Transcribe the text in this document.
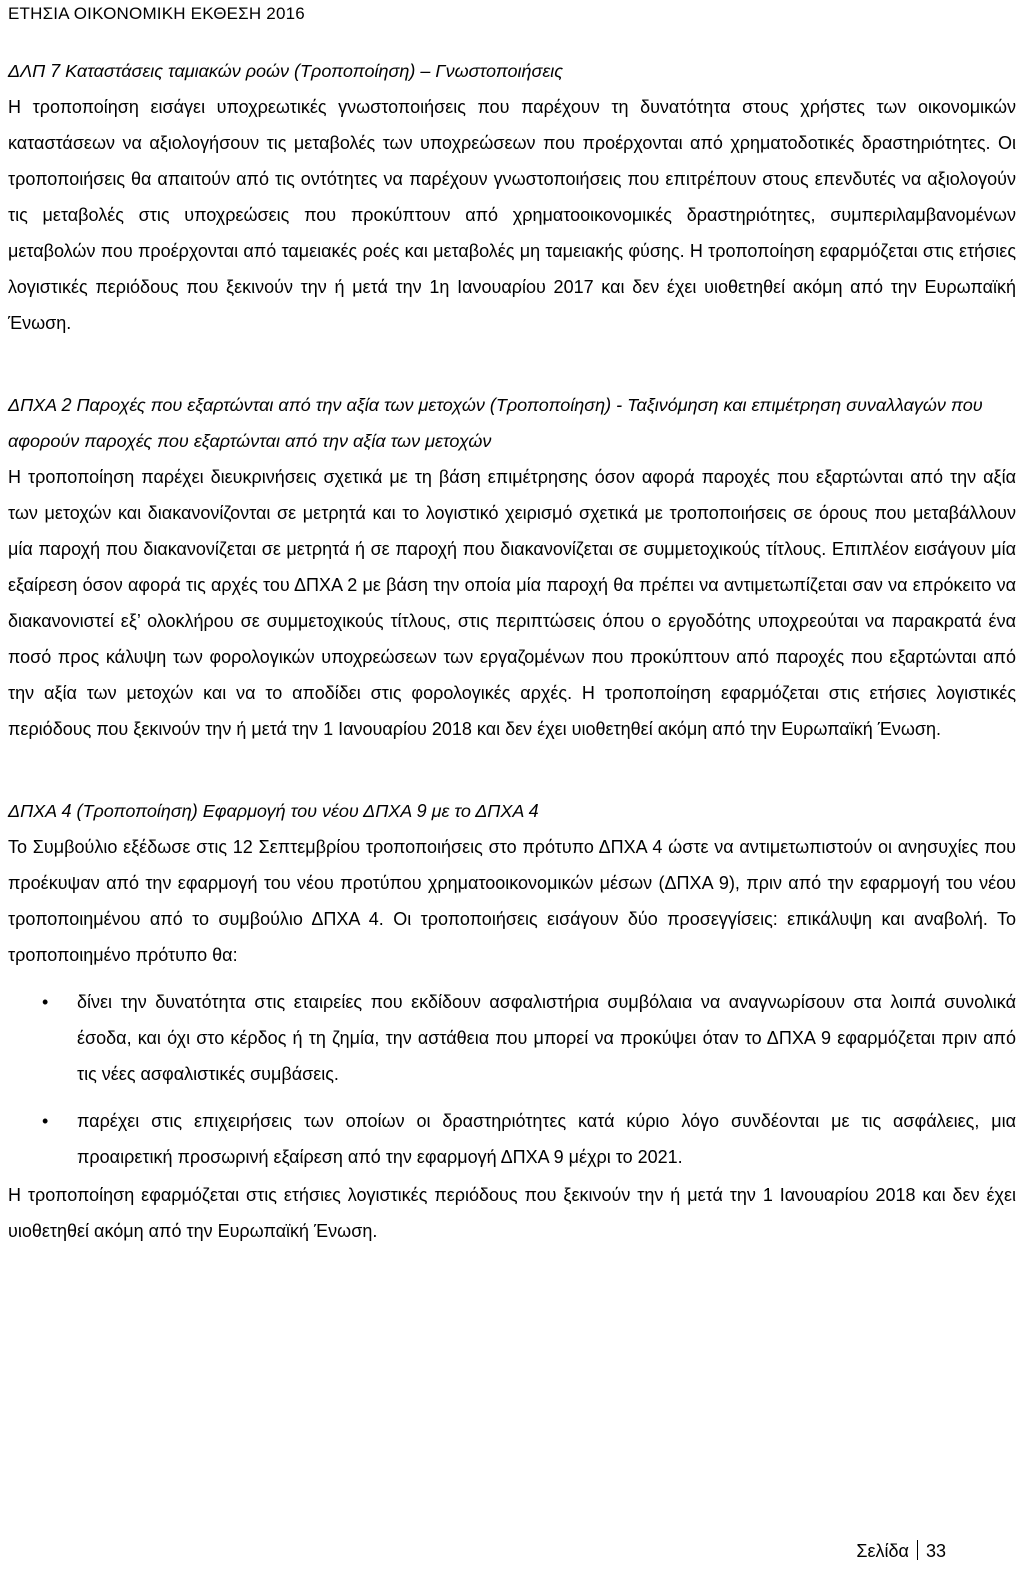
ΕΤΗΣΙΑ ΟΙΚΟΝΟΜΙΚΗ ΕΚΘΕΣΗ 2016

ΔΛΠ 7 Καταστάσεις ταμιακών ροών (Τροποποίηση) – Γνωστοποιήσεις

Η τροποποίηση εισάγει υποχρεωτικές γνωστοποιήσεις που παρέχουν τη δυνατότητα στους χρήστες των οικονομικών καταστάσεων να αξιολογήσουν τις μεταβολές των υποχρεώσεων που προέρχονται από χρηματοδοτικές δραστηριότητες. Οι τροποποιήσεις θα απαιτούν από τις οντότητες να παρέχουν γνωστοποιήσεις που επιτρέπουν στους επενδυτές να αξιολογούν τις μεταβολές στις υποχρεώσεις που προκύπτουν από χρηματοοικονομικές δραστηριότητες, συμπεριλαμβανομένων μεταβολών που προέρχονται από ταμειακές ροές και μεταβολές μη ταμειακής φύσης. Η τροποποίηση εφαρμόζεται στις ετήσιες λογιστικές περιόδους που ξεκινούν την ή μετά την 1η Ιανουαρίου 2017 και δεν έχει υιοθετηθεί ακόμη από την Ευρωπαϊκή Ένωση.

ΔΠΧΑ 2 Παροχές που εξαρτώνται από την αξία των μετοχών (Τροποποίηση) - Ταξινόμηση και επιμέτρηση συναλλαγών που αφορούν παροχές που εξαρτώνται από την αξία των μετοχών

Η τροποποίηση παρέχει διευκρινήσεις σχετικά με τη βάση επιμέτρησης όσον αφορά παροχές που εξαρτώνται από την αξία των μετοχών και διακανονίζονται σε μετρητά και το λογιστικό χειρισμό σχετικά με τροποποιήσεις σε όρους που μεταβάλλουν μία παροχή που διακανονίζεται σε μετρητά ή σε παροχή που διακανονίζεται σε συμμετοχικούς τίτλους. Επιπλέον εισάγουν μία εξαίρεση όσον αφορά τις αρχές του ΔΠΧΑ 2 με βάση την οποία μία παροχή θα πρέπει να αντιμετωπίζεται σαν να επρόκειτο να διακανονιστεί εξ’ ολοκλήρου σε συμμετοχικούς τίτλους, στις περιπτώσεις όπου ο εργοδότης υποχρεούται να παρακρατά ένα ποσό προς κάλυψη των φορολογικών υποχρεώσεων των εργαζομένων που προκύπτουν από παροχές που εξαρτώνται από την αξία των μετοχών και να το αποδίδει στις φορολογικές αρχές. Η τροποποίηση εφαρμόζεται στις ετήσιες λογιστικές περιόδους που ξεκινούν την ή μετά την 1 Ιανουαρίου 2018 και δεν έχει υιοθετηθεί ακόμη από την Ευρωπαϊκή Ένωση.

ΔΠΧΑ 4 (Τροποποίηση) Εφαρμογή του νέου ΔΠΧΑ 9 με το ΔΠΧΑ 4

Το Συμβούλιο εξέδωσε στις 12 Σεπτεμβρίου τροποποιήσεις στο πρότυπο ΔΠΧΑ 4 ώστε να αντιμετωπιστούν οι ανησυχίες που προέκυψαν από την εφαρμογή του νέου προτύπου χρηματοοικονομικών μέσων (ΔΠΧΑ 9), πριν από την εφαρμογή του νέου τροποποιημένου από το συμβούλιο ΔΠΧΑ 4. Οι τροποποιήσεις εισάγουν δύο προσεγγίσεις: επικάλυψη και αναβολή. Το τροποποιημένο πρότυπο θα:

• δίνει την δυνατότητα στις εταιρείες που εκδίδουν ασφαλιστήρια συμβόλαια να αναγνωρίσουν στα λοιπά συνολικά έσοδα, και όχι στο κέρδος ή τη ζημία, την αστάθεια που μπορεί να προκύψει όταν το ΔΠΧΑ 9 εφαρμόζεται πριν από τις νέες ασφαλιστικές συμβάσεις.
• παρέχει στις επιχειρήσεις των οποίων οι δραστηριότητες κατά κύριο λόγο συνδέονται με τις ασφάλειες, μια προαιρετική προσωρινή εξαίρεση από την εφαρμογή ΔΠΧΑ 9 μέχρι το 2021.

Η τροποποίηση εφαρμόζεται στις ετήσιες λογιστικές περιόδους που ξεκινούν την ή μετά την 1 Ιανουαρίου 2018 και δεν έχει υιοθετηθεί ακόμη από την Ευρωπαϊκή Ένωση.

Σελίδα 33
